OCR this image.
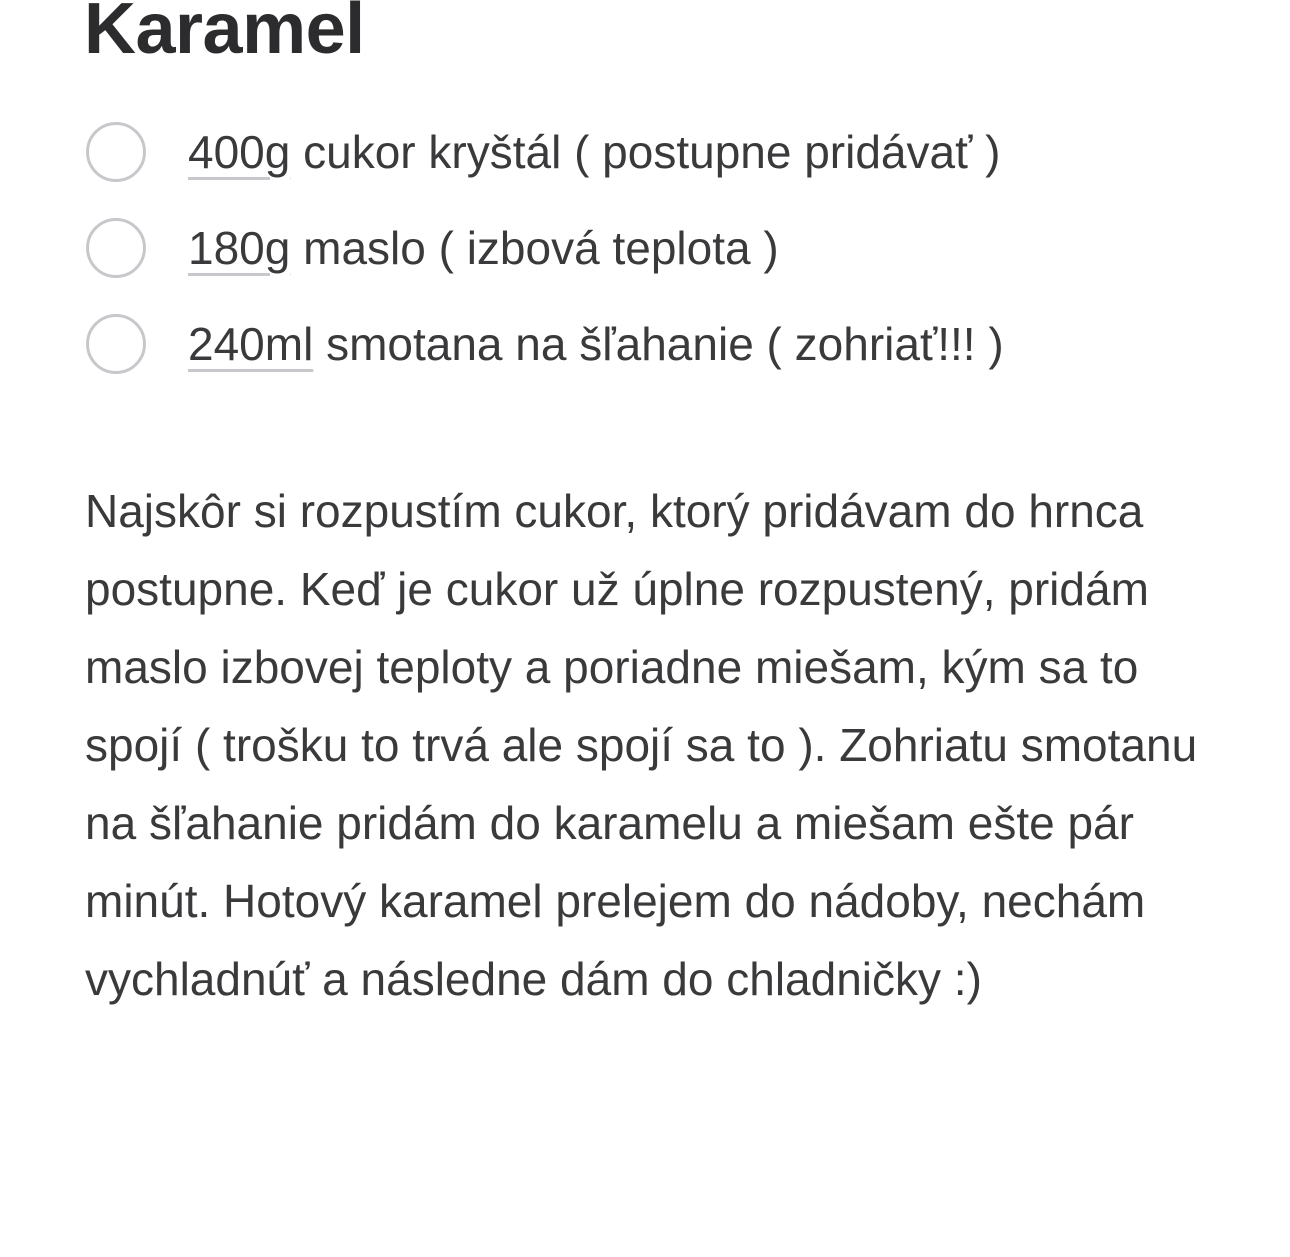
Karamel
400g cukor kryštál ( postupne pridávať )
180g maslo ( izbová teplota )
240ml smotana na šľahanie ( zohriať!!! )

Najskôr si rozpustím cukor, ktorý pridávam do hrnca postupne. Keď je cukor už úplne rozpustený, pridám maslo izbovej teploty a poriadne miešam, kým sa to spojí ( trošku to trvá ale spojí sa to ). Zohriatu smotanu na šľahanie pridám do karamelu a miešam ešte pár minút. Hotový karamel prelejem do nádoby, nechám vychladnúť a následne dám do chladničky :)
